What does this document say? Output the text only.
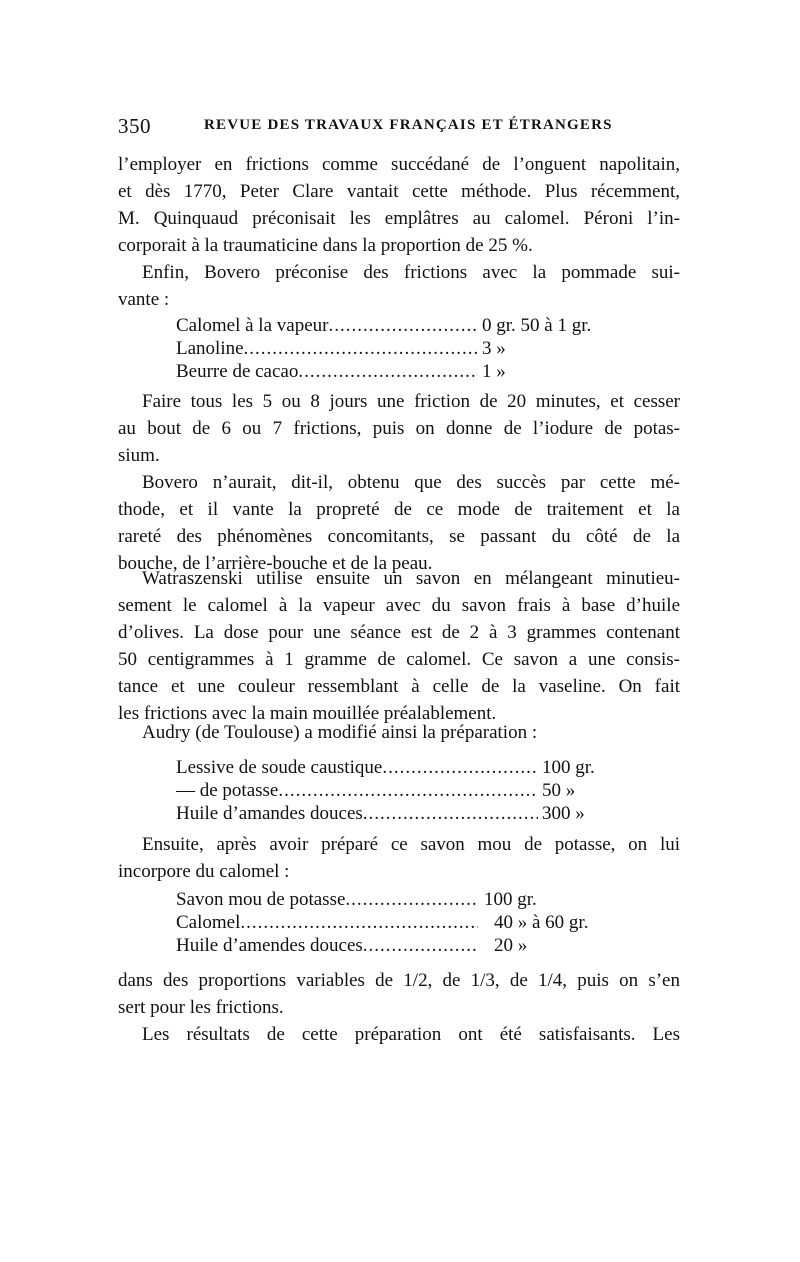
350	REVUE DES TRAVAUX FRANÇAIS ET ÉTRANGERS
l’employer en frictions comme succédané de l’onguent napolitain,
et dès 1770, Peter Clare vantait cette méthode. Plus récemment,
M. Quinquaud préconisait les emplâtres au calomel. Péroni l’in-
corporait à la traumaticine dans la proportion de 25 %.
Enfin, Bovero préconise des frictions avec la pommade sui-
vante :
Calomel à la vapeur .....	0 gr. 50 à 1 gr.
Lanoline .....	3 »
Beurre de cacao .....	1 »
Faire tous les 5 ou 8 jours une friction de 20 minutes, et cesser
au bout de 6 ou 7 frictions, puis on donne de l’iodure de potas-
sium.
Bovero n’aurait, dit-il, obtenu que des succès par cette mé-
thode, et il vante la propreté de ce mode de traitement et la
rareté des phénomènes concomitants, se passant du côté de la
bouche, de l’arrière-bouche et de la peau.
Watraszenski utilise ensuite un savon en mélangeant minutieu-
sement le calomel à la vapeur avec du savon frais à base d’huile
d’olives. La dose pour une séance est de 2 à 3 grammes contenant
50 centigrammes à 1 gramme de calomel. Ce savon a une consis-
tance et une couleur ressemblant à celle de la vaseline. On fait
les frictions avec la main mouillée préalablement.
Audry (de Toulouse) a modifié ainsi la préparation :
Lessive de soude caustique .....	100 gr.
— de potasse .....	50 »
Huile d’amandes douces .....	300 »
Ensuite, après avoir préparé ce savon mou de potasse, on lui
incorpore du calomel :
Savon mou de potasse .....	100 gr.
Calomel .....	40 » à 60 gr.
Huile d’amendes douces .....	20 »
dans des proportions variables de 1/2, de 1/3, de 1/4, puis on s’en
sert pour les frictions.
Les résultats de cette préparation ont été satisfaisants. Les
